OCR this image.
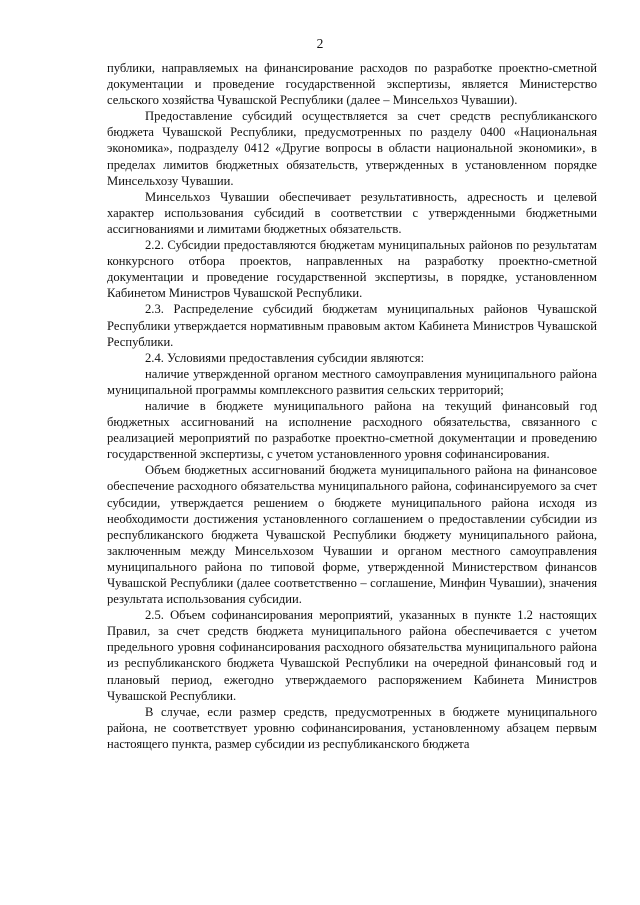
2

публики, направляемых на финансирование расходов по разработке проектно-сметной документации и проведение государственной экспертизы, является Министерство сельского хозяйства Чувашской Республики (далее – Минсельхоз Чувашии).

Предоставление субсидий осуществляется за счет средств республиканского бюджета Чувашской Республики, предусмотренных по разделу 0400 «Национальная экономика», подразделу 0412 «Другие вопросы в области национальной экономики», в пределах лимитов бюджетных обязательств, утвержденных в установленном порядке Минсельхозу Чувашии.

Минсельхоз Чувашии обеспечивает результативность, адресность и целевой характер использования субсидий в соответствии с утвержденными бюджетными ассигнованиями и лимитами бюджетных обязательств.

2.2. Субсидии предоставляются бюджетам муниципальных районов по результатам конкурсного отбора проектов, направленных на разработку проектно-сметной документации и проведение государственной экспертизы, в порядке, установленном Кабинетом Министров Чувашской Республики.

2.3. Распределение субсидий бюджетам муниципальных районов Чувашской Республики утверждается нормативным правовым актом Кабинета Министров Чувашской Республики.

2.4. Условиями предоставления субсидии являются:

наличие утвержденной органом местного самоуправления муниципального района муниципальной программы комплексного развития сельских территорий;

наличие в бюджете муниципального района на текущий финансовый год бюджетных ассигнований на исполнение расходного обязательства, связанного с реализацией мероприятий по разработке проектно-сметной документации и проведению государственной экспертизы, с учетом установленного уровня софинансирования.

Объем бюджетных ассигнований бюджета муниципального района на финансовое обеспечение расходного обязательства муниципального района, софинансируемого за счет субсидии, утверждается решением о бюджете муниципального района исходя из необходимости достижения установленного соглашением о предоставлении субсидии из республиканского бюджета Чувашской Республики бюджету муниципального района, заключенным между Минсельхозом Чувашии и органом местного самоуправления муниципального района по типовой форме, утвержденной Министерством финансов Чувашской Республики (далее соответственно – соглашение, Минфин Чувашии), значения результата использования субсидии.

2.5. Объем софинансирования мероприятий, указанных в пункте 1.2 настоящих Правил, за счет средств бюджета муниципального района обеспечивается с учетом предельного уровня софинансирования расходного обязательства муниципального района из республиканского бюджета Чувашской Республики на очередной финансовый год и плановый период, ежегодно утверждаемого распоряжением Кабинета Министров Чувашской Республики.

В случае, если размер средств, предусмотренных в бюджете муниципального района, не соответствует уровню софинансирования, установленному абзацем первым настоящего пункта, размер субсидии из республиканского бюджета
